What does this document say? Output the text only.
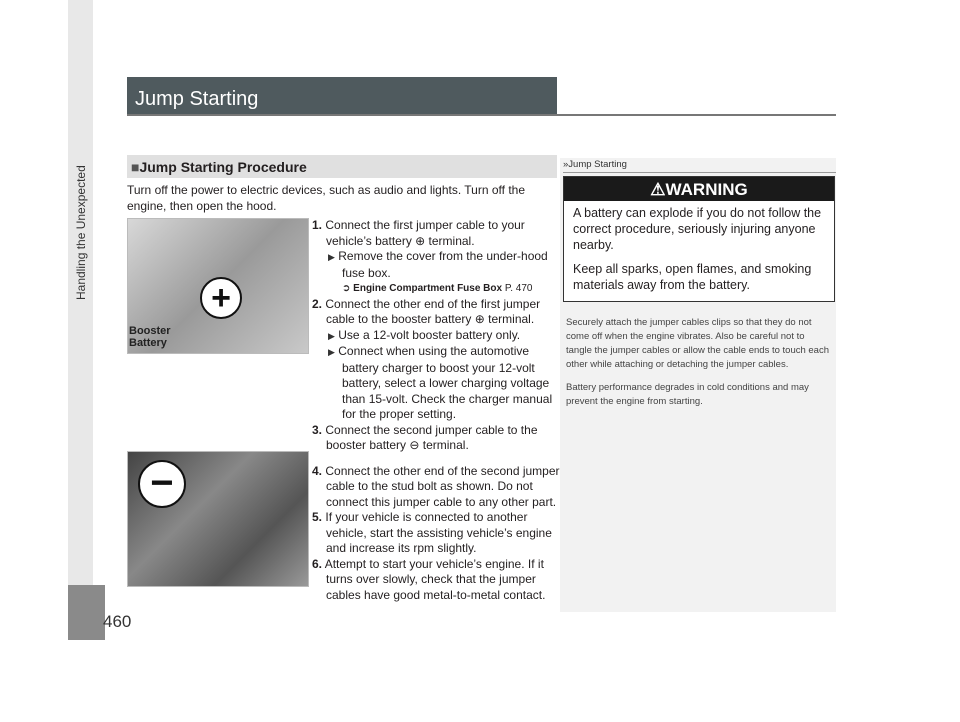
Handling the Unexpected
460
Jump Starting
■Jump Starting Procedure
Turn off the power to electric devices, such as audio and lights. Turn off the engine, then open the hood.
+
Booster Battery
−
1. Connect the first jumper cable to your vehicle’s battery ⊕ terminal.
▶ Remove the cover from the under-hood fuse box.
➲ Engine Compartment Fuse Box P. 470
2. Connect the other end of the first jumper cable to the booster battery ⊕ terminal.
▶ Use a 12-volt booster battery only.
▶ Connect when using the automotive battery charger to boost your 12-volt battery, select a lower charging voltage than 15-volt. Check the charger manual for the proper setting.
3. Connect the second jumper cable to the booster battery ⊖ terminal.
4. Connect the other end of the second jumper cable to the stud bolt as shown. Do not connect this jumper cable to any other part.
5. If your vehicle is connected to another vehicle, start the assisting vehicle’s engine and increase its rpm slightly.
6. Attempt to start your vehicle’s engine. If it turns over slowly, check that the jumper cables have good metal-to-metal contact.
»Jump Starting
⚠WARNING
A battery can explode if you do not follow the correct procedure, seriously injuring anyone nearby.
Keep all sparks, open flames, and smoking materials away from the battery.

Securely attach the jumper cables clips so that they do not come off when the engine vibrates. Also be careful not to tangle the jumper cables or allow the cable ends to touch each other while attaching or detaching the jumper cables.

Battery performance degrades in cold conditions and may prevent the engine from starting.
